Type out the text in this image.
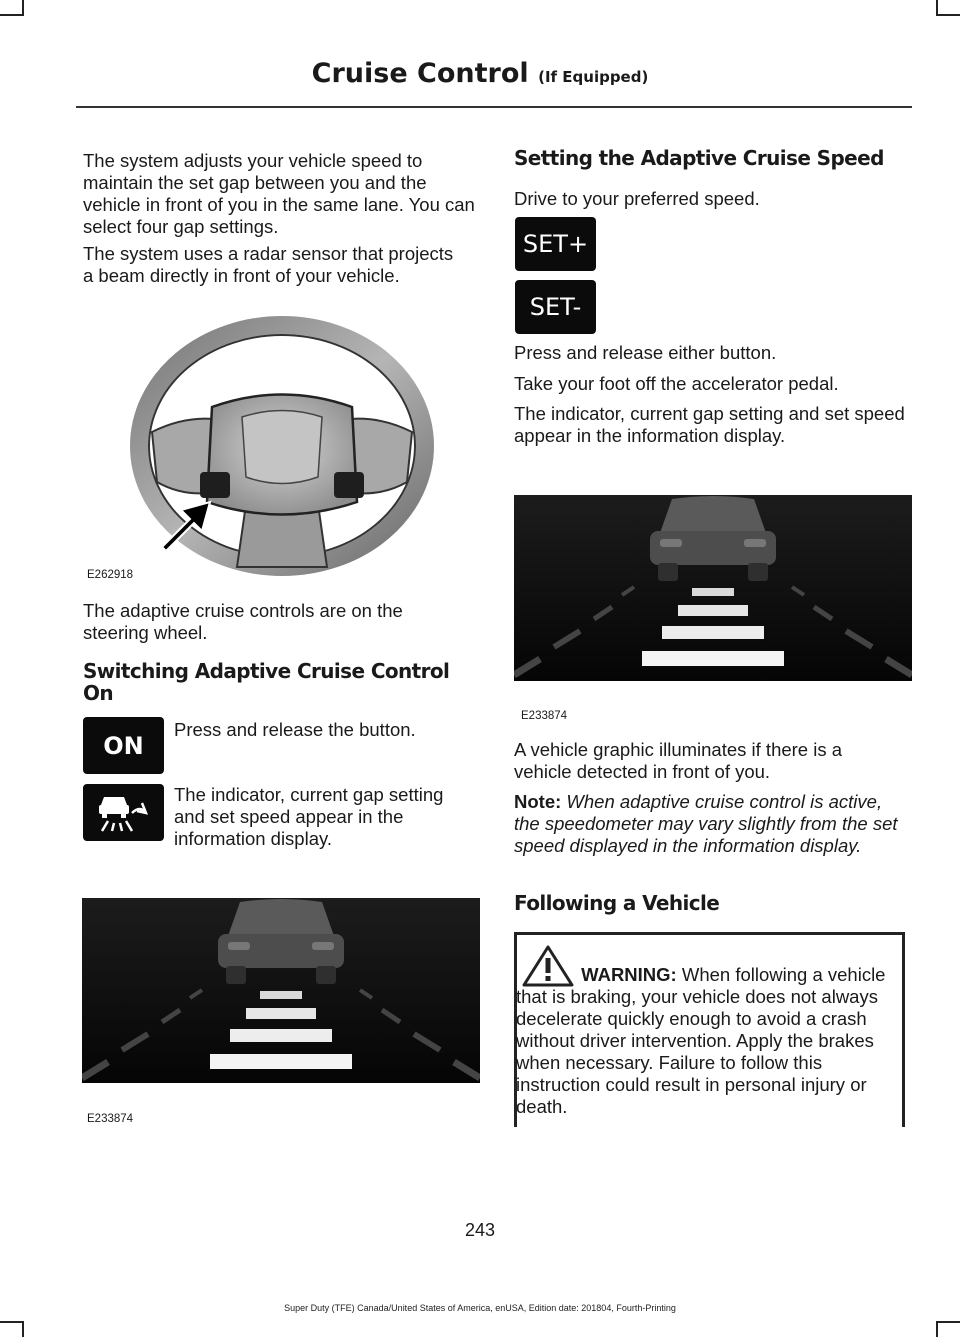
Cruise Control (If Equipped)

The system adjusts your vehicle speed to maintain the set gap between you and the vehicle in front of you in the same lane. You can select four gap settings.

The system uses a radar sensor that projects a beam directly in front of your vehicle.

E262918

The adaptive cruise controls are on the steering wheel.

Switching Adaptive Cruise Control On
ON

Press and release the button.

The indicator, current gap setting and set speed appear in the information display.

E233874
Setting the Adaptive Cruise Speed

Drive to your preferred speed.

SET+
SET-

Press and release either button.

Take your foot off the accelerator pedal.

The indicator, current gap setting and set speed appear in the information display.

E233874

A vehicle graphic illuminates if there is a vehicle detected in front of you.

Note: When adaptive cruise control is active, the speedometer may vary slightly from the set speed displayed in the information display.

Following a Vehicle

WARNING: When following a vehicle that is braking, your vehicle does not always decelerate quickly enough to avoid a crash without driver intervention. Apply the brakes when necessary. Failure to follow this instruction could result in personal injury or death.

243
Super Duty (TFE) Canada/United States of America, enUSA, Edition date: 201804, Fourth-Printing
